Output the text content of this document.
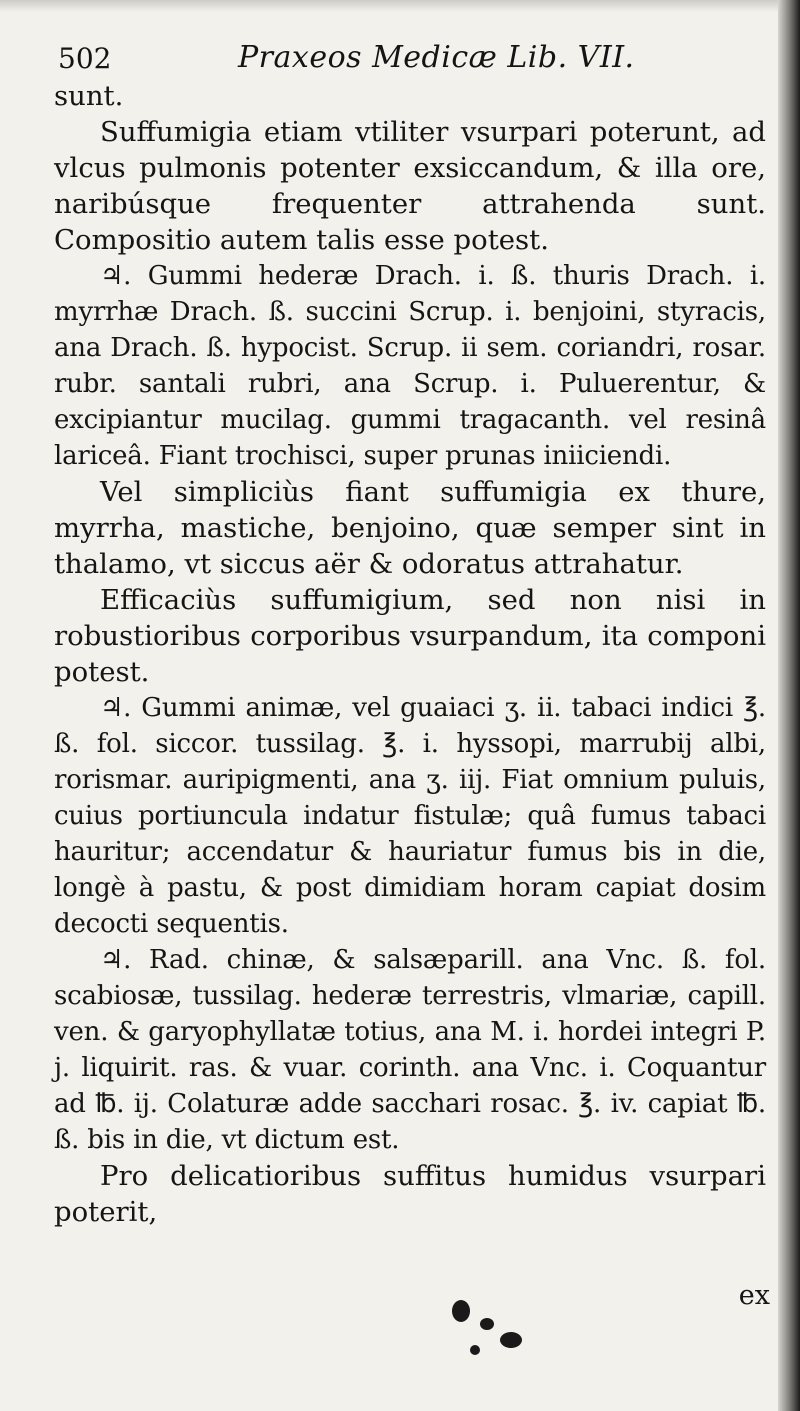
502	Praxeos Medicæ Lib. VII.

sunt.

Suffumigia etiam vtiliter vsurpari poterunt, ad vlcus pulmonis potenter exsiccandum, & illa ore, naribúsque frequenter attrahenda sunt. Compositio autem talis esse potest.

♃. Gummi hederæ Drach. i. ß. thuris Drach. i. myrrhæ Drach. ß. succini Scrup. i. benjoini, styracis, ana Drach. ß. hypocist. Scrup. ii sem. coriandri, rosar. rubr. santali rubri, ana Scrup. i. Puluerentur, & excipiantur mucilag. gummi tragacanth. vel resinâ lariceâ. Fiant trochisci, super prunas iniiciendi.

Vel simpliciùs fiant suffumigia ex thure, myrrha, mastiche, benjoino, quæ semper sint in thalamo, vt siccus aër & odoratus attrahatur.

Efficaciùs suffumigium, sed non nisi in robustioribus corporibus vsurpandum, ita componi potest.

♃. Gummi animæ, vel guaiaci ʒ. ii. tabaci indici ℥. ß. fol. siccor. tussilag. ℥. i. hyssopi, marrubij albi, rorismar. auripigmenti, ana ʒ. iij. Fiat omnium puluis, cuius portiuncula indatur fistulæ; quâ fumus tabaci hauritur; accendatur & hauriatur fumus bis in die, longè à pastu, & post dimidiam horam capiat dosim decocti sequentis.

♃. Rad. chinæ, & salsæparill. ana Vnc. ß. fol. scabiosæ, tussilag. hederæ terrestris, vlmariæ, capill. ven. & garyophyllatæ totius, ana M. i. hordei integri P. j. liquirit. ras. & vuar. corinth. ana Vnc. i. Coquantur ad ℔. ij. Colaturæ adde sacchari rosac. ℥. iv. capiat ℔. ß. bis in die, vt dictum est.

Pro delicatioribus suffitus humidus vsurpari poterit,

ex
